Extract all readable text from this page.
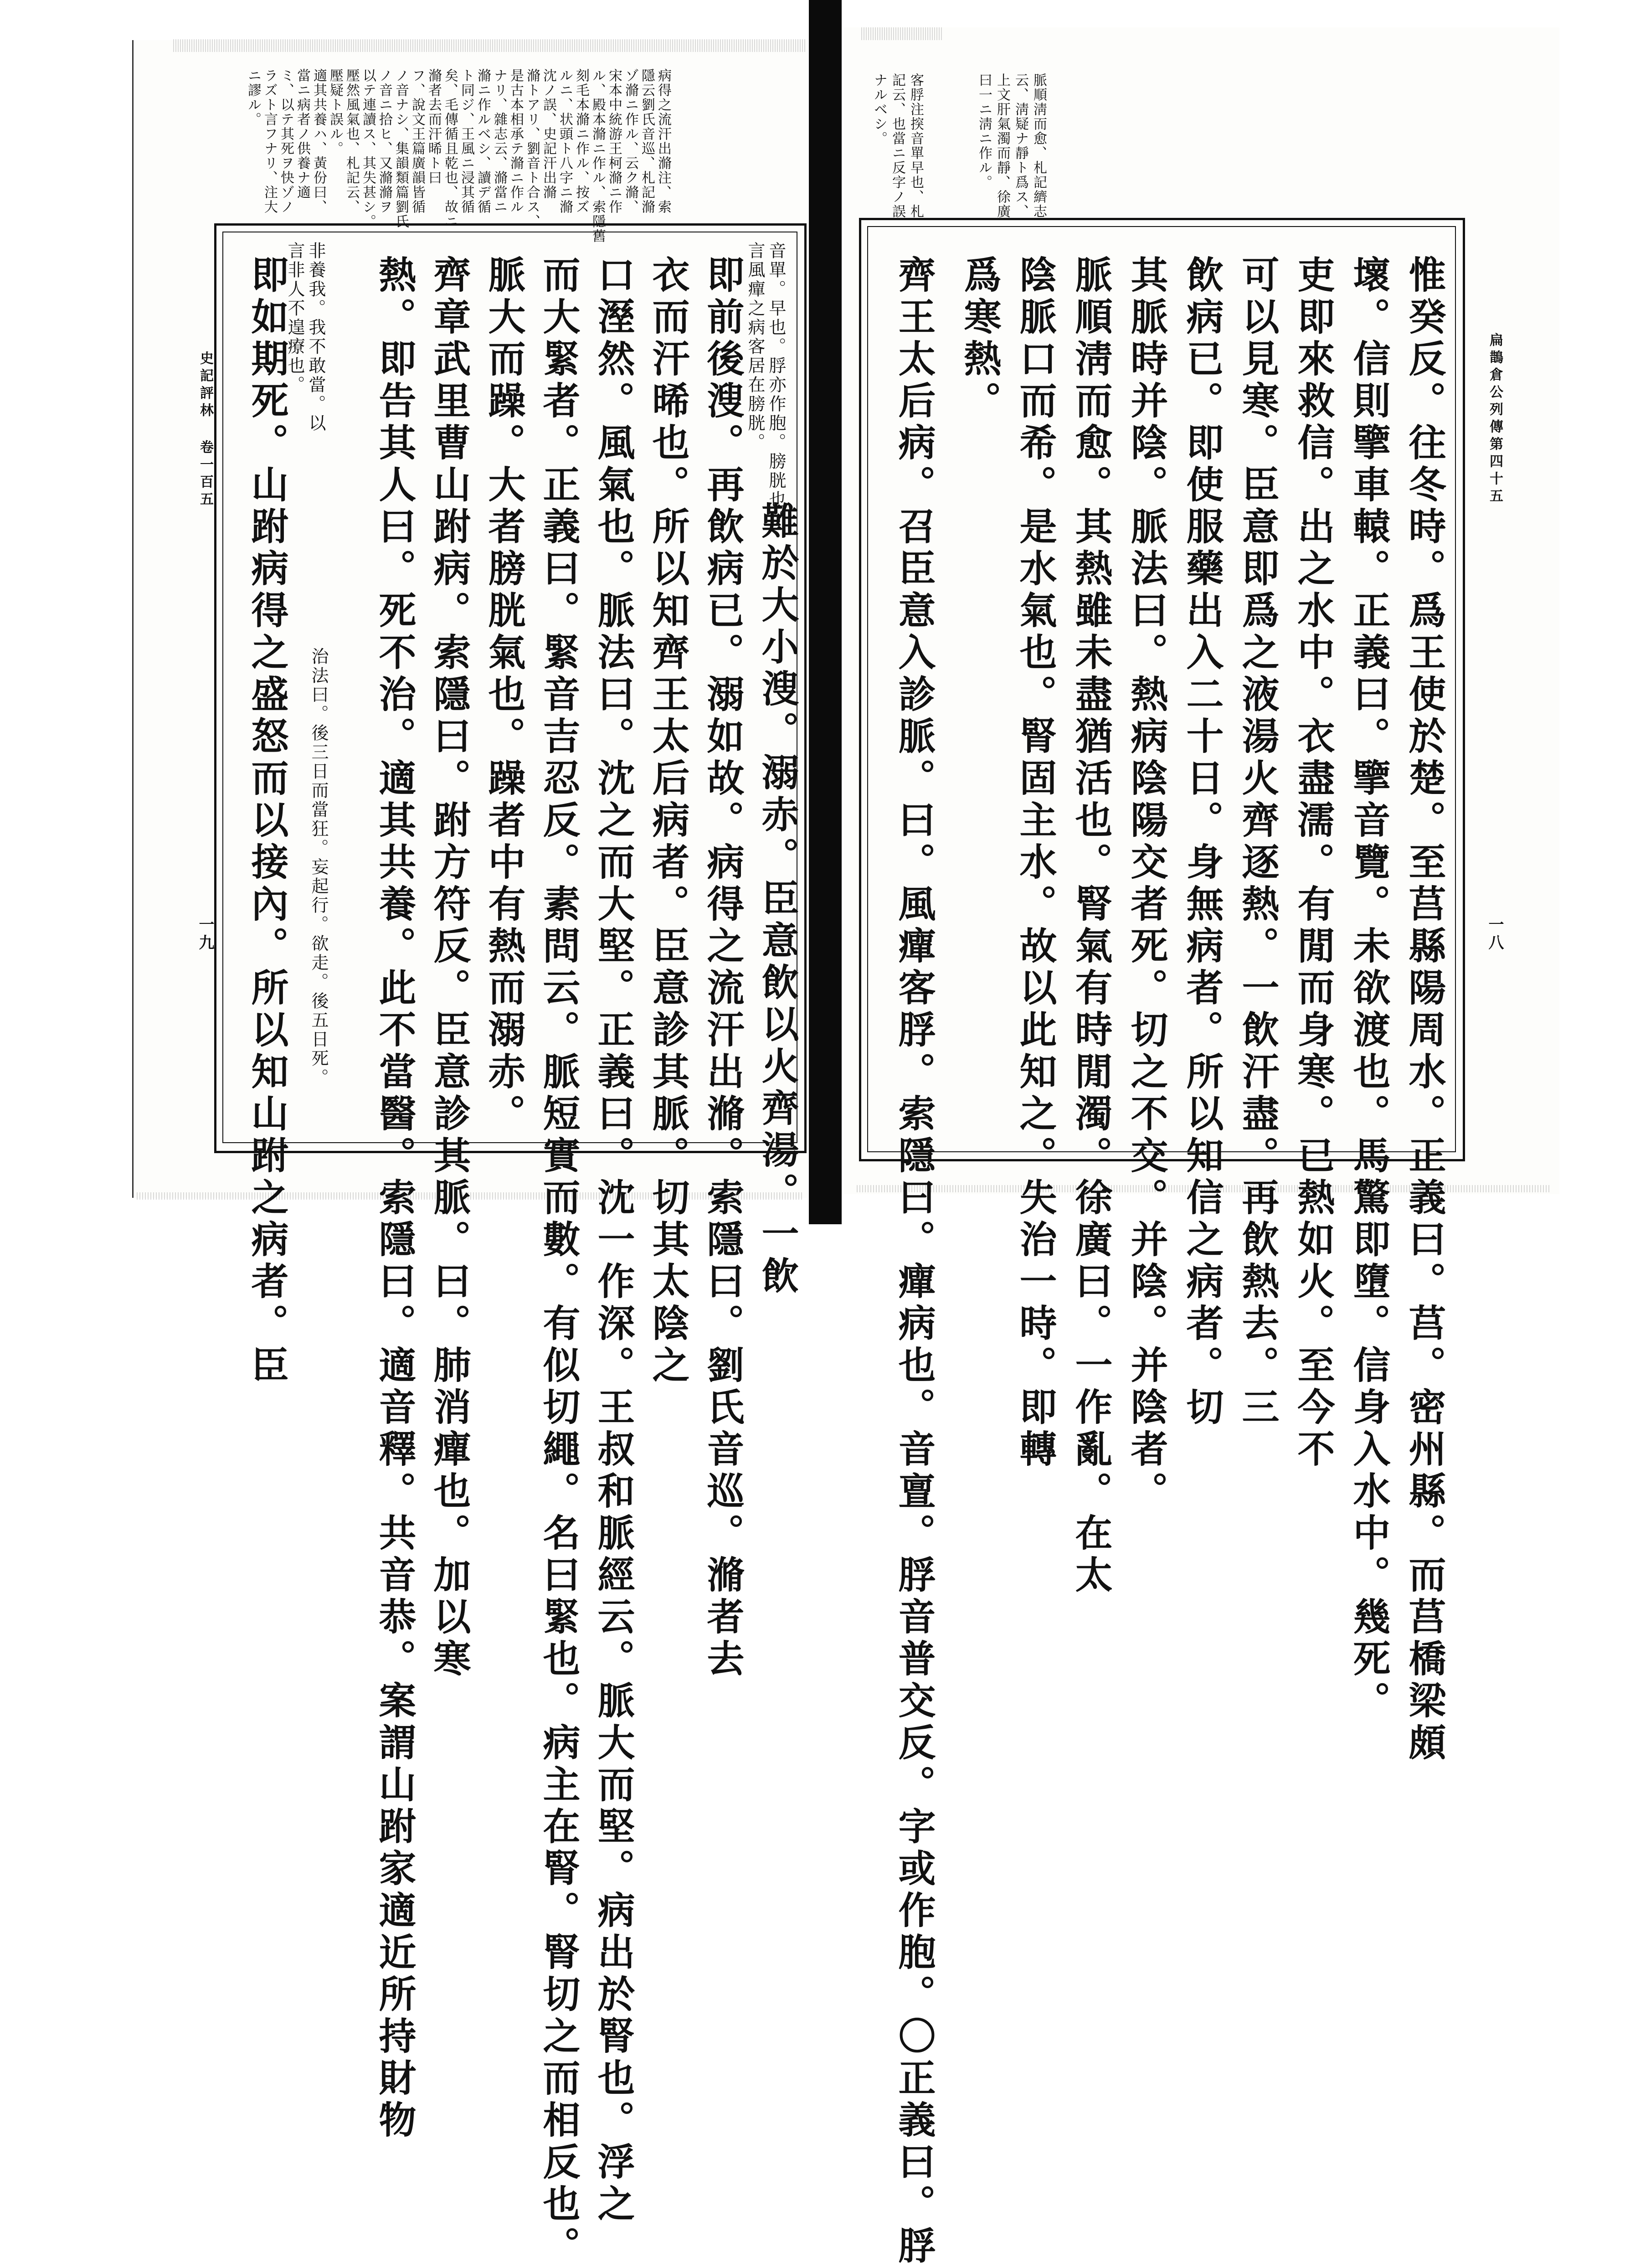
扁鵲倉公列傳第四十五
一八
脈順淸而愈、札記纃志
云、淸疑ナ靜ト爲ス、
上文肝氣濁而靜、徐廣
曰一ニ淸ニ作ル。
客脬注揬音單早也、札
記云、也當ニ反字ノ誤
ナルベシ。
惟癸反。往冬時。爲王使於楚。至莒縣陽周水。正義曰。莒。密州縣。而莒橋梁頗
壞。信則擥車轅。正義曰。擥音覽。未欲渡也。馬驚即墮。信身入水中。幾死。
吏即來救信。出之水中。衣盡濡。有閒而身寒。已熱如火。至今不
可以見寒。臣意即爲之液湯火齊逐熱。一飲汗盡。再飲熱去。三
飲病已。即使服藥出入二十日。身無病者。所以知信之病者。切
其脈時并陰。脈法曰。熱病陰陽交者死。切之不交。并陰。并陰者。
脈順淸而愈。其熱雖未盡猶活也。腎氣有時閒濁。徐廣曰。一作亂。在太
陰脈口而希。是水氣也。腎固主水。故以此知之。失治一時。即轉
爲寒熱。
齊王太后病。召臣意入診脈。曰。風癉客脬。索隱曰。癉病也。音亶。脬音普交反。字或作胞。〇正義曰。脬
史記評林 卷一百五
一九
病得之流汗出滫注、索
隱云劉氏音巡、札記滫
ゾ滫ニ作ル、云ク滫、
宋本中統游王柯滫ニ作
ル、殿本滫ニ作ル、索隱舊
刻毛本滫ニ作ル、按ズ
ルニ、状頭ト八字ニ滫
沈ノ誤、史記汗出滫
滫トアリ、劉音ト合ス、
是古本相承テ滫ニ作ル
ナリ、雜志云、滫當ニ
滫ニ作ルベシ、讀デ循
ト同ジ、王風ニ浸其循
矣、毛傳循且乾也、故ニ
滫者去而汗晞ト曰
フ、說文王篇廣韻皆循
ノ音ナシ、集韻類篇劉氏
ノ音ニ拾ヒ、又滫滫ヲ
以テ連讀ス、其失甚シ。
壓然風氣也、札記云、
壓疑ト誤ル。
適其共養ハ、黃份曰、
當ニ病者ノ供養ナ適
ミ、以テ其死ヲ快ゾノ
ラズト言フナリ、注大
ニ謬ル。
音單。早也。脬亦作胞。膀胱也。
言風癉之病客居在膀胱。
非養我。我不敢當。以
言非人不遑療也。
難於大小溲。溺赤。臣意飲以火齊湯。一飲
即前後溲。再飲病已。溺如故。病得之流汗出滫。索隱曰。劉氏音巡。滫者去
衣而汗晞也。所以知齊王太后病者。臣意診其脈。切其太陰之
口溼然。風氣也。脈法曰。沈之而大堅。正義曰。沈一作深。王叔和脈經云。脈大而堅。病出於腎也。浮之
而大緊者。正義曰。緊音吉忍反。素問云。脈短實而數。有似切繩。名曰緊也。病主在腎。腎切之而相反也。
脈大而躁。大者膀胱氣也。躁者中有熱而溺赤。
齊章武里曹山跗病。索隱曰。跗方符反。臣意診其脈。曰。肺消癉也。加以寒
熱。即告其人曰。死不治。適其共養。此不當醫。索隱曰。適音釋。共音恭。案謂山跗家適近所持財物
治法曰。後三日而當狂。妄起行。欲走。後五日死。
即如期死。山跗病得之盛怒而以接內。所以知山跗之病者。臣
